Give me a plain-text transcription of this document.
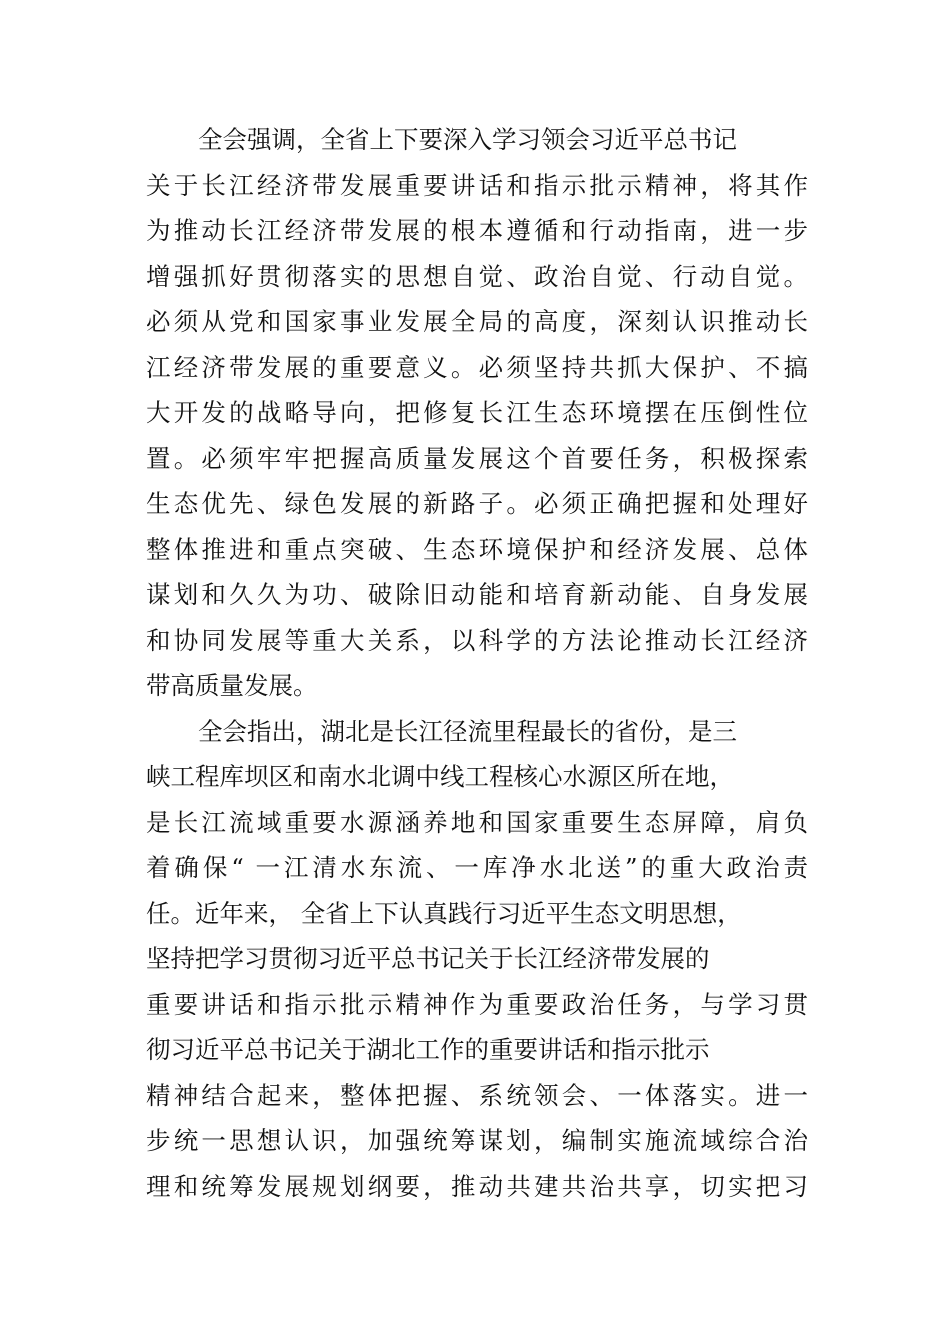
全会强调，全省上下要深入学习领会习近平总书记
关于长江经济带发展重要讲话和指示批示精神，将其作
为推动长江经济带发展的根本遵循和行动指南，进一步
增强抓好贯彻落实的思想自觉、政治自觉、行动自觉。
必须从党和国家事业发展全局的高度，深刻认识推动长
江经济带发展的重要意义。必须坚持共抓大保护、不搞
大开发的战略导向，把修复长江生态环境摆在压倒性位
置。必须牢牢把握高质量发展这个首要任务，积极探索
生态优先、绿色发展的新路子。必须正确把握和处理好
整体推进和重点突破、生态环境保护和经济发展、总体
谋划和久久为功、破除旧动能和培育新动能、自身发展
和协同发展等重大关系，以科学的方法论推动长江经济
带高质量发展。
全会指出，湖北是长江径流里程最长的省份，是三
峡工程库坝区和南水北调中线工程核心水源区所在地，
是长江流域重要水源涵养地和国家重要生态屏障，肩负
着确保“ 一江清水东流、一库净水北送”的重大政治责
任。近年来， 全省上下认真践行习近平生态文明思想，
坚持把学习贯彻习近平总书记关于长江经济带发展的
重要讲话和指示批示精神作为重要政治任务，与学习贯
彻习近平总书记关于湖北工作的重要讲话和指示批示
精神结合起来，整体把握、系统领会、一体落实。进一
步统一思想认识，加强统筹谋划，编制实施流域综合治
理和统筹发展规划纲要，推动共建共治共享，切实把习
